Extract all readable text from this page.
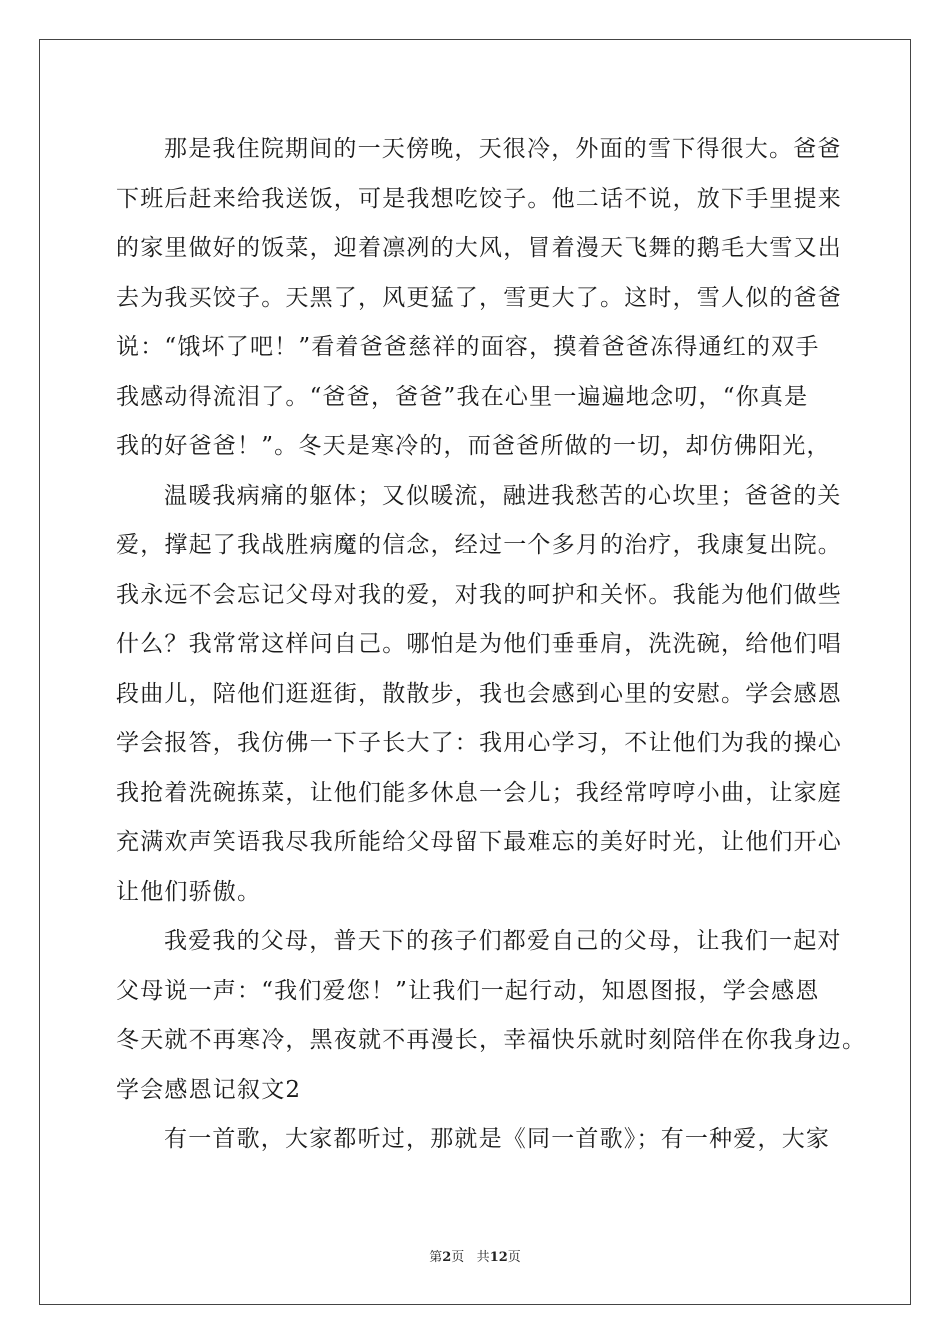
那是我住院期间的一天傍晚，天很冷，外面的雪下得很大。爸爸
下班后赶来给我送饭，可是我想吃饺子。他二话不说，放下手里提来
的家里做好的饭菜，迎着凛冽的大风，冒着漫天飞舞的鹅毛大雪又出
去为我买饺子。天黑了，风更猛了，雪更大了。这时，雪人似的爸爸
说：“饿坏了吧！”看着爸爸慈祥的面容，摸着爸爸冻得通红的双手
我感动得流泪了。“爸爸，爸爸”我在心里一遍遍地念叨，“你真是
我的好爸爸！”。冬天是寒冷的，而爸爸所做的一切，却仿佛阳光，
温暖我病痛的躯体；又似暖流，融进我愁苦的心坎里；爸爸的关
爱，撑起了我战胜病魔的信念，经过一个多月的治疗，我康复出院。
我永远不会忘记父母对我的爱，对我的呵护和关怀。我能为他们做些
什么？我常常这样问自己。哪怕是为他们垂垂肩，洗洗碗，给他们唱
段曲儿，陪他们逛逛街，散散步，我也会感到心里的安慰。学会感恩
学会报答，我仿佛一下子长大了：我用心学习，不让他们为我的操心
我抢着洗碗拣菜，让他们能多休息一会儿；我经常哼哼小曲，让家庭
充满欢声笑语我尽我所能给父母留下最难忘的美好时光，让他们开心
让他们骄傲。
我爱我的父母，普天下的孩子们都爱自己的父母，让我们一起对
父母说一声：“我们爱您！”让我们一起行动，知恩图报，学会感恩
冬天就不再寒冷，黑夜就不再漫长，幸福快乐就时刻陪伴在你我身边。
学会感恩记叙文2
有一首歌，大家都听过，那就是《同一首歌》；有一种爱，大家
第2页 共12页
